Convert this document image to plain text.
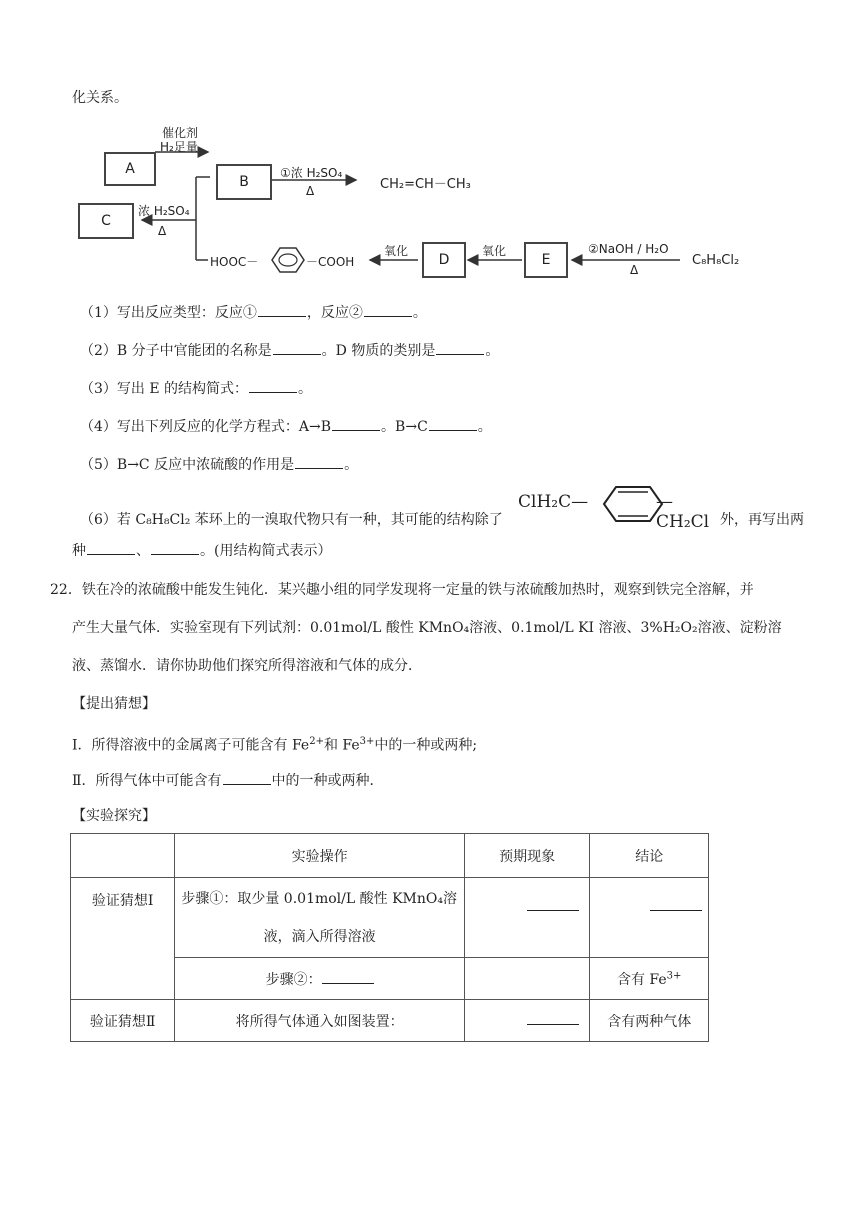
化关系。
A
B
C
D	E
催化剂
H₂足量
①浓 H₂SO₄
Δ	CH₂=CH－CH₃
浓 H₂SO₄
Δ
HOOC－	－COOH
氧化	氧化	②NaOH / H₂O
Δ
C₈H₈Cl₂
（1）写出反应类型：反应①	，反应②	。
（2）B 分子中官能团的名称是	。D 物质的类别是	。
（3）写出 E 的结构简式：	。
（4）写出下列反应的化学方程式：A→B	。B→C	。
（5）B→C 反应中浓硫酸的作用是	。
（6）若 C₈H₈Cl₂ 苯环上的一溴取代物只有一种，其可能的结构除了
ClH₂C—	—CH₂Cl 外，再写出两
种	、	。(用结构简式表示）
22．铁在冷的浓硫酸中能发生钝化．某兴趣小组的同学发现将一定量的铁与浓硫酸加热时，观察到铁完全溶解，并
产生大量气体．实验室现有下列试剂：0.01mol/L 酸性 KMnO₄溶液、0.1mol/L KI 溶液、3%H₂O₂溶液、淀粉溶
液、蒸馏水．请你协助他们探究所得溶液和气体的成分．
【提出猜想】
Ⅰ．所得溶液中的金属离子可能含有 $Fe^{2+}$和 $Fe^{3+}$中的一种或两种;
Ⅱ．所得气体中可能含有	中的一种或两种．
【实验探究】
	实验操作	预期现象	结论
验证猜想Ⅰ	步骤①：取少量 0.01mol/L 酸性 KMnO₄溶
液，滴入所得溶液		

	步骤②：		含有 $Fe^{3+}$
验证猜想Ⅱ	将所得气体通入如图装置：		含有两种气体
